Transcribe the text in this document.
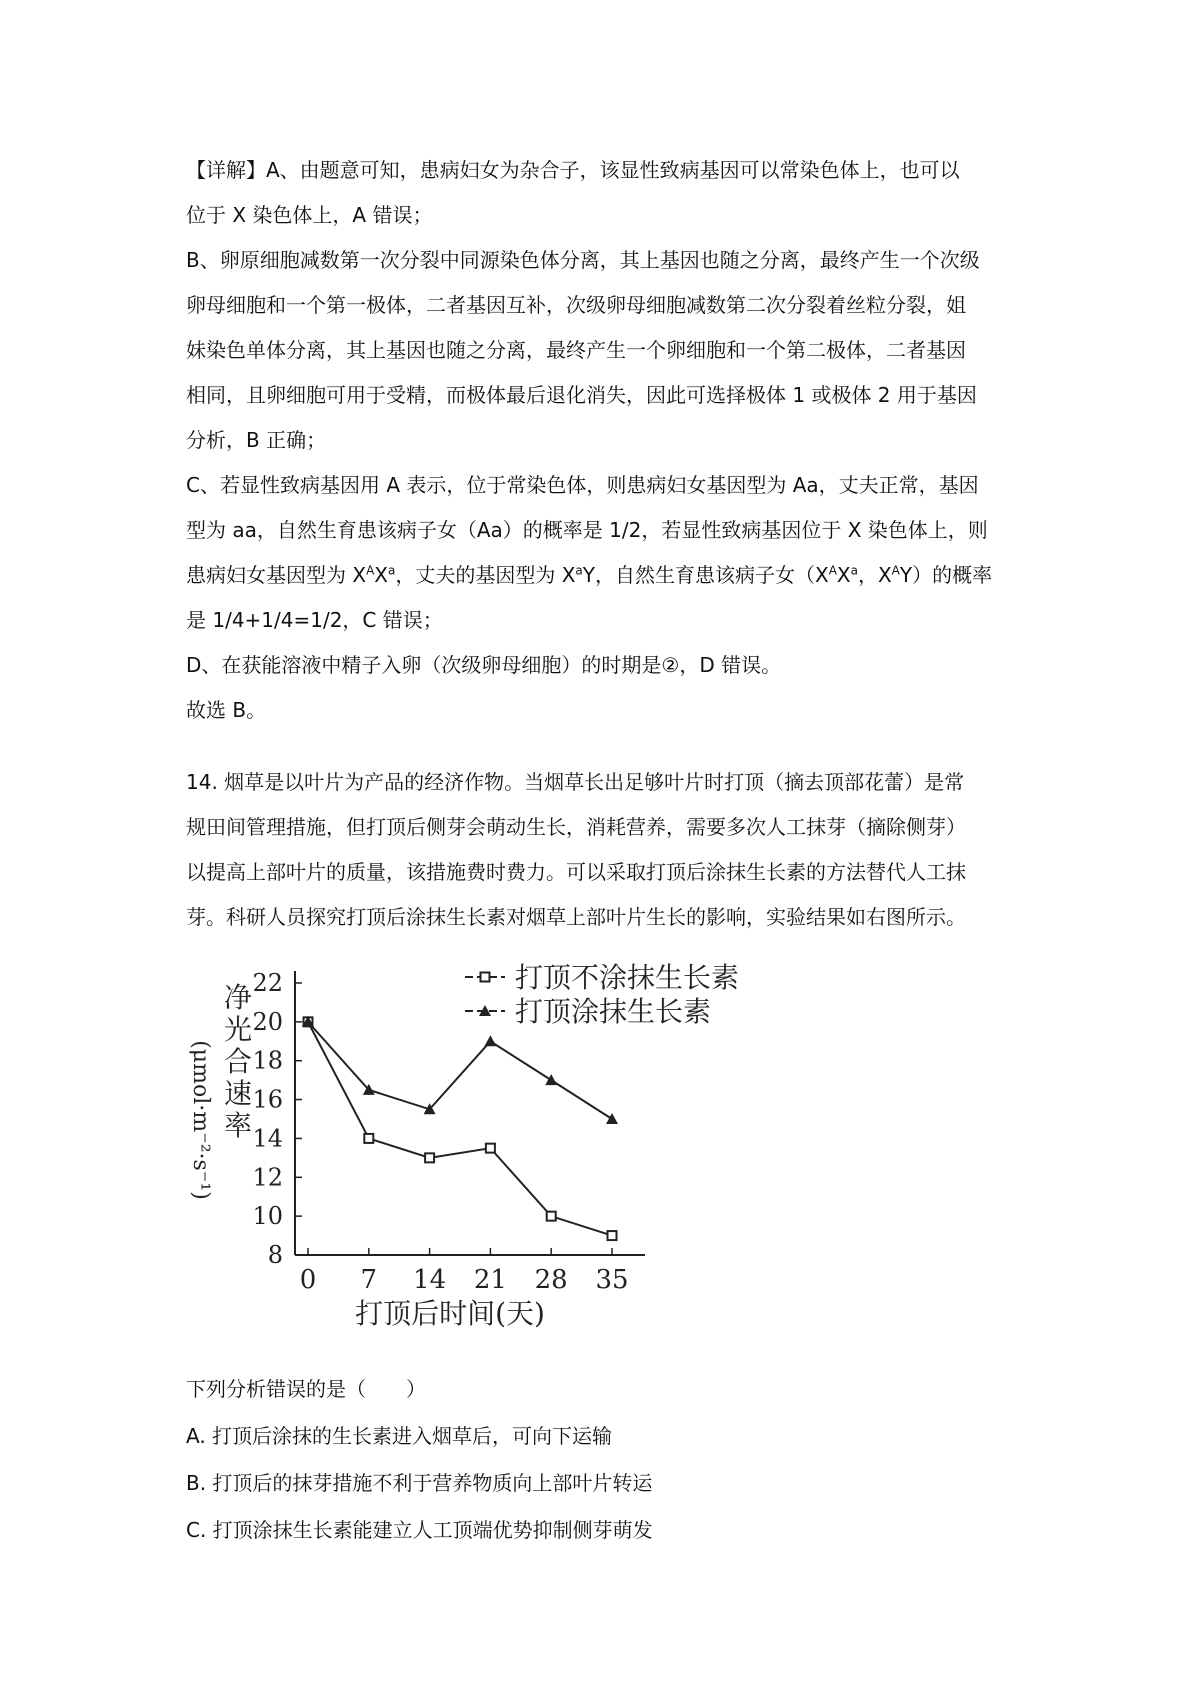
【详解】A、由题意可知，患病妇女为杂合子，该显性致病基因可以常染色体上，也可以
位于 X 染色体上，A 错误；
B、卵原细胞减数第一次分裂中同源染色体分离，其上基因也随之分离，最终产生一个次级
卵母细胞和一个第一极体，二者基因互补，次级卵母细胞减数第二次分裂着丝粒分裂，姐
妹染色单体分离，其上基因也随之分离，最终产生一个卵细胞和一个第二极体，二者基因
相同，且卵细胞可用于受精，而极体最后退化消失，因此可选择极体 1 或极体 2 用于基因
分析，B 正确；
C、若显性致病基因用 A 表示，位于常染色体，则患病妇女基因型为 Aa，丈夫正常，基因
型为 aa，自然生育患该病子女（Aa）的概率是 1/2，若显性致病基因位于 X 染色体上，则
患病妇女基因型为 $X^AX^a$，丈夫的基因型为 $X^aY$，自然生育患该病子女（$X^AX^a$，$X^AY$）的概率
是 1/4+1/4=1/2，C 错误；
D、在获能溶液中精子入卵（次级卵母细胞）的时期是②，D 错误。
故选 B。
14. 烟草是以叶片为产品的经济作物。当烟草长出足够叶片时打顶（摘去顶部花蕾）是常
规田间管理措施，但打顶后侧芽会萌动生长，消耗营养，需要多次人工抹芽（摘除侧芽）
以提高上部叶片的质量，该措施费时费力。可以采取打顶后涂抹生长素的方法替代人工抹
芽。科研人员探究打顶后涂抹生长素对烟草上部叶片生长的影响，实验结果如右图所示。
8
10
12
14
16
18
20
22
0 7 14 21 28 35
打顶不涂抹生长素
打顶涂抹生长素
净
光
合
速
率
(μmol·m⁻²·s⁻¹)
打顶后时间(天)

下列分析错误的是（　　）

A. 打顶后涂抹的生长素进入烟草后，可向下运输

B. 打顶后的抹芽措施不利于营养物质向上部叶片转运

C. 打顶涂抹生长素能建立人工顶端优势抑制侧芽萌发
